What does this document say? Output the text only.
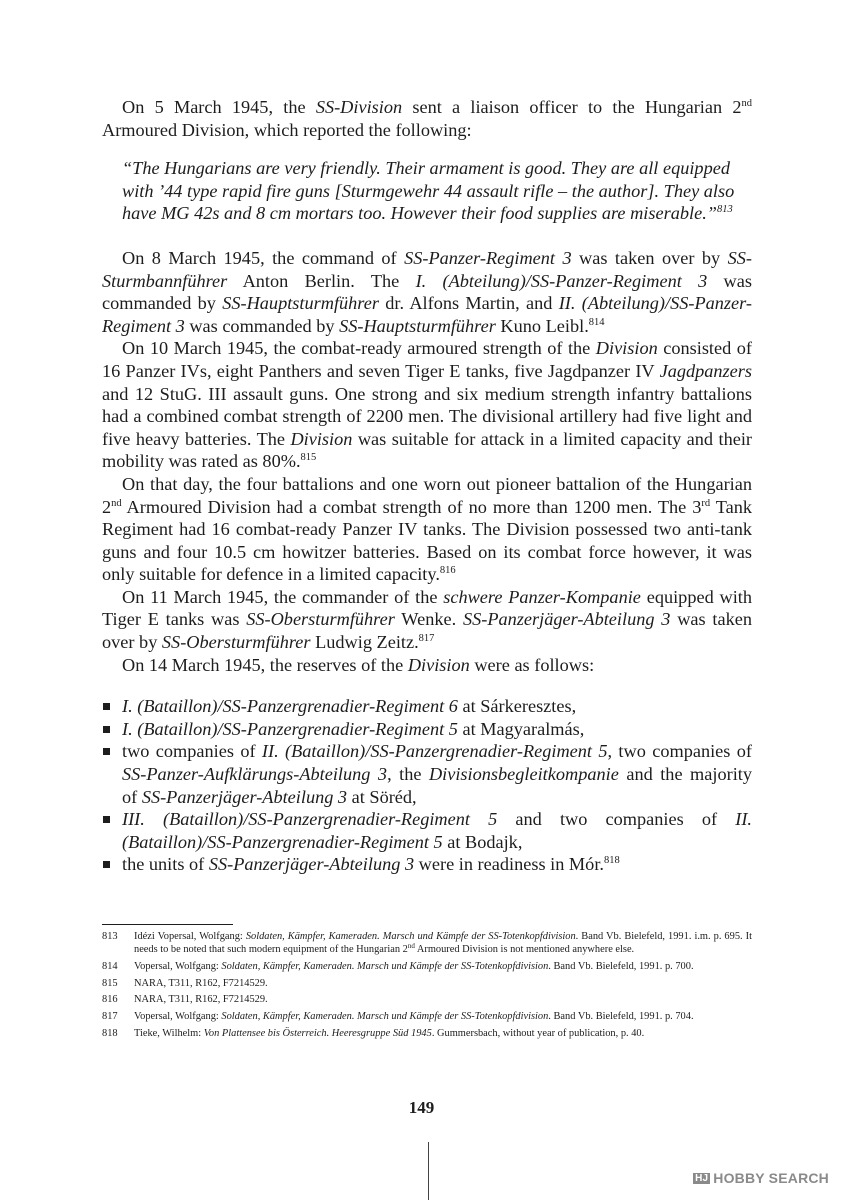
On 5 March 1945, the SS-Division sent a liaison officer to the Hungarian 2nd Armoured Division, which reported the following:

“The Hungarians are very friendly. Their armament is good. They are all equipped with ’44 type rapid fire guns [Sturmgewehr 44 assault rifle – the author]. They also have MG 42s and 8 cm mortars too. However their food supplies are miserable.”$^{813}$

On 8 March 1945, the command of SS-Panzer-Regiment 3 was taken over by SS-Sturmbannführer Anton Berlin. The I. (Abteilung)/SS-Panzer-Regiment 3 was commanded by SS-Hauptsturmführer dr. Alfons Martin, and II. (Abteilung)/SS-Panzer-Regiment 3 was commanded by SS-Hauptsturmführer Kuno Leibl.$^{814}$

On 10 March 1945, the combat-ready armoured strength of the Division consisted of 16 Panzer IVs, eight Panthers and seven Tiger E tanks, five Jagdpanzer IV Jagdpanzers and 12 StuG. III assault guns. One strong and six medium strength infantry battalions had a combined combat strength of 2200 men. The divisional artillery had five light and five heavy batteries. The Division was suitable for attack in a limited capacity and their mobility was rated as 80%.$^{815}$

On that day, the four battalions and one worn out pioneer battalion of the Hungarian 2nd Armoured Division had a combat strength of no more than 1200 men. The 3rd Tank Regiment had 16 combat-ready Panzer IV tanks. The Division possessed two anti-tank guns and four 10.5 cm howitzer batteries. Based on its combat force however, it was only suitable for defence in a limited capacity.$^{816}$

On 11 March 1945, the commander of the schwere Panzer-Kompanie equipped with Tiger E tanks was SS-Obersturmführer Wenke. SS-Panzerjäger-Abteilung 3 was taken over by SS-Obersturmführer Ludwig Zeitz.$^{817}$

On 14 March 1945, the reserves of the Division were as follows:

I. (Bataillon)/SS-Panzergrenadier-Regiment 6 at Sárkeresztes,
I. (Bataillon)/SS-Panzergrenadier-Regiment 5 at Magyaralmás,
two companies of II. (Bataillon)/SS-Panzergrenadier-Regiment 5, two companies of SS-Panzer-Aufklärungs-Abteilung 3, the Divisionsbegleitkompanie and the majority of SS-Panzerjäger-Abteilung 3 at Söréd,
III. (Bataillon)/SS-Panzergrenadier-Regiment 5 and two companies of II. (Bataillon)/SS-Panzergrenadier-Regiment 5 at Bodajk,
the units of SS-Panzerjäger-Abteilung 3 were in readiness in Mór.$^{818}$
813	Idézi Vopersal, Wolfgang: Soldaten, Kämpfer, Kameraden. Marsch und Kämpfe der SS-Totenkopfdivision. Band Vb. Bielefeld, 1991. i.m. p. 695. It needs to be noted that such modern equipment of the Hungarian 2nd Armoured Division is not mentioned anywhere else.
814	Vopersal, Wolfgang: Soldaten, Kämpfer, Kameraden. Marsch und Kämpfe der SS-Totenkopfdivision. Band Vb. Bielefeld, 1991. p. 700.
815	NARA, T311, R162, F7214529.
816	NARA, T311, R162, F7214529.
817	Vopersal, Wolfgang: Soldaten, Kämpfer, Kameraden. Marsch und Kämpfe der SS-Totenkopfdivision. Band Vb. Bielefeld, 1991. p. 704.
818	Tieke, Wilhelm: Von Plattensee bis Österreich. Heeresgruppe Süd 1945. Gummersbach, without year of publication, p. 40.
149
HJ HOBBY SEARCH
